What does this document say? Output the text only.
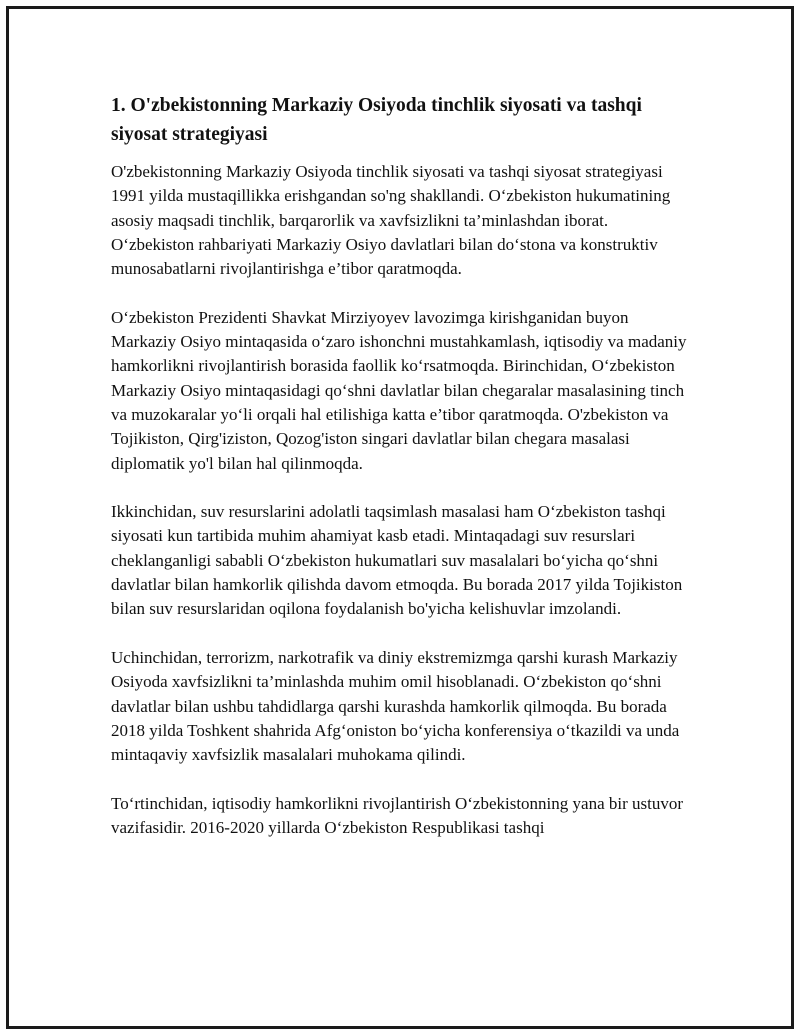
1. O'zbekistonning Markaziy Osiyoda tinchlik siyosati va tashqi siyosat strategiyasi

O'zbekistonning Markaziy Osiyoda tinchlik siyosati va tashqi siyosat strategiyasi 1991 yilda mustaqillikka erishgandan so'ng shakllandi. O‘zbekiston hukumatining asosiy maqsadi tinchlik, barqarorlik va xavfsizlikni ta’minlashdan iborat. O‘zbekiston rahbariyati Markaziy Osiyo davlatlari bilan do‘stona va konstruktiv munosabatlarni rivojlantirishga e’tibor qaratmoqda.

O‘zbekiston Prezidenti Shavkat Mirziyoyev lavozimga kirishganidan buyon Markaziy Osiyo mintaqasida o‘zaro ishonchni mustahkamlash, iqtisodiy va madaniy hamkorlikni rivojlantirish borasida faollik ko‘rsatmoqda. Birinchidan, O‘zbekiston Markaziy Osiyo mintaqasidagi qo‘shni davlatlar bilan chegaralar masalasining tinch va muzokaralar yo‘li orqali hal etilishiga katta e’tibor qaratmoqda. O'zbekiston va Tojikiston, Qirg'iziston, Qozog'iston singari davlatlar bilan chegara masalasi diplomatik yo'l bilan hal qilinmoqda.

Ikkinchidan, suv resurslarini adolatli taqsimlash masalasi ham O‘zbekiston tashqi siyosati kun tartibida muhim ahamiyat kasb etadi. Mintaqadagi suv resurslari cheklanganligi sababli O‘zbekiston hukumatlari suv masalalari bo‘yicha qo‘shni davlatlar bilan hamkorlik qilishda davom etmoqda. Bu borada 2017 yilda Tojikiston bilan suv resurslaridan oqilona foydalanish bo'yicha kelishuvlar imzolandi.

Uchinchidan, terrorizm, narkotrafik va diniy ekstremizmga qarshi kurash Markaziy Osiyoda xavfsizlikni ta’minlashda muhim omil hisoblanadi. O‘zbekiston qo‘shni davlatlar bilan ushbu tahdidlarga qarshi kurashda hamkorlik qilmoqda. Bu borada 2018 yilda Toshkent shahrida Afg‘oniston bo‘yicha konferensiya o‘tkazildi va unda mintaqaviy xavfsizlik masalalari muhokama qilindi.

To‘rtinchidan, iqtisodiy hamkorlikni rivojlantirish O‘zbekistonning yana bir ustuvor vazifasidir. 2016-2020 yillarda O‘zbekiston Respublikasi tashqi
